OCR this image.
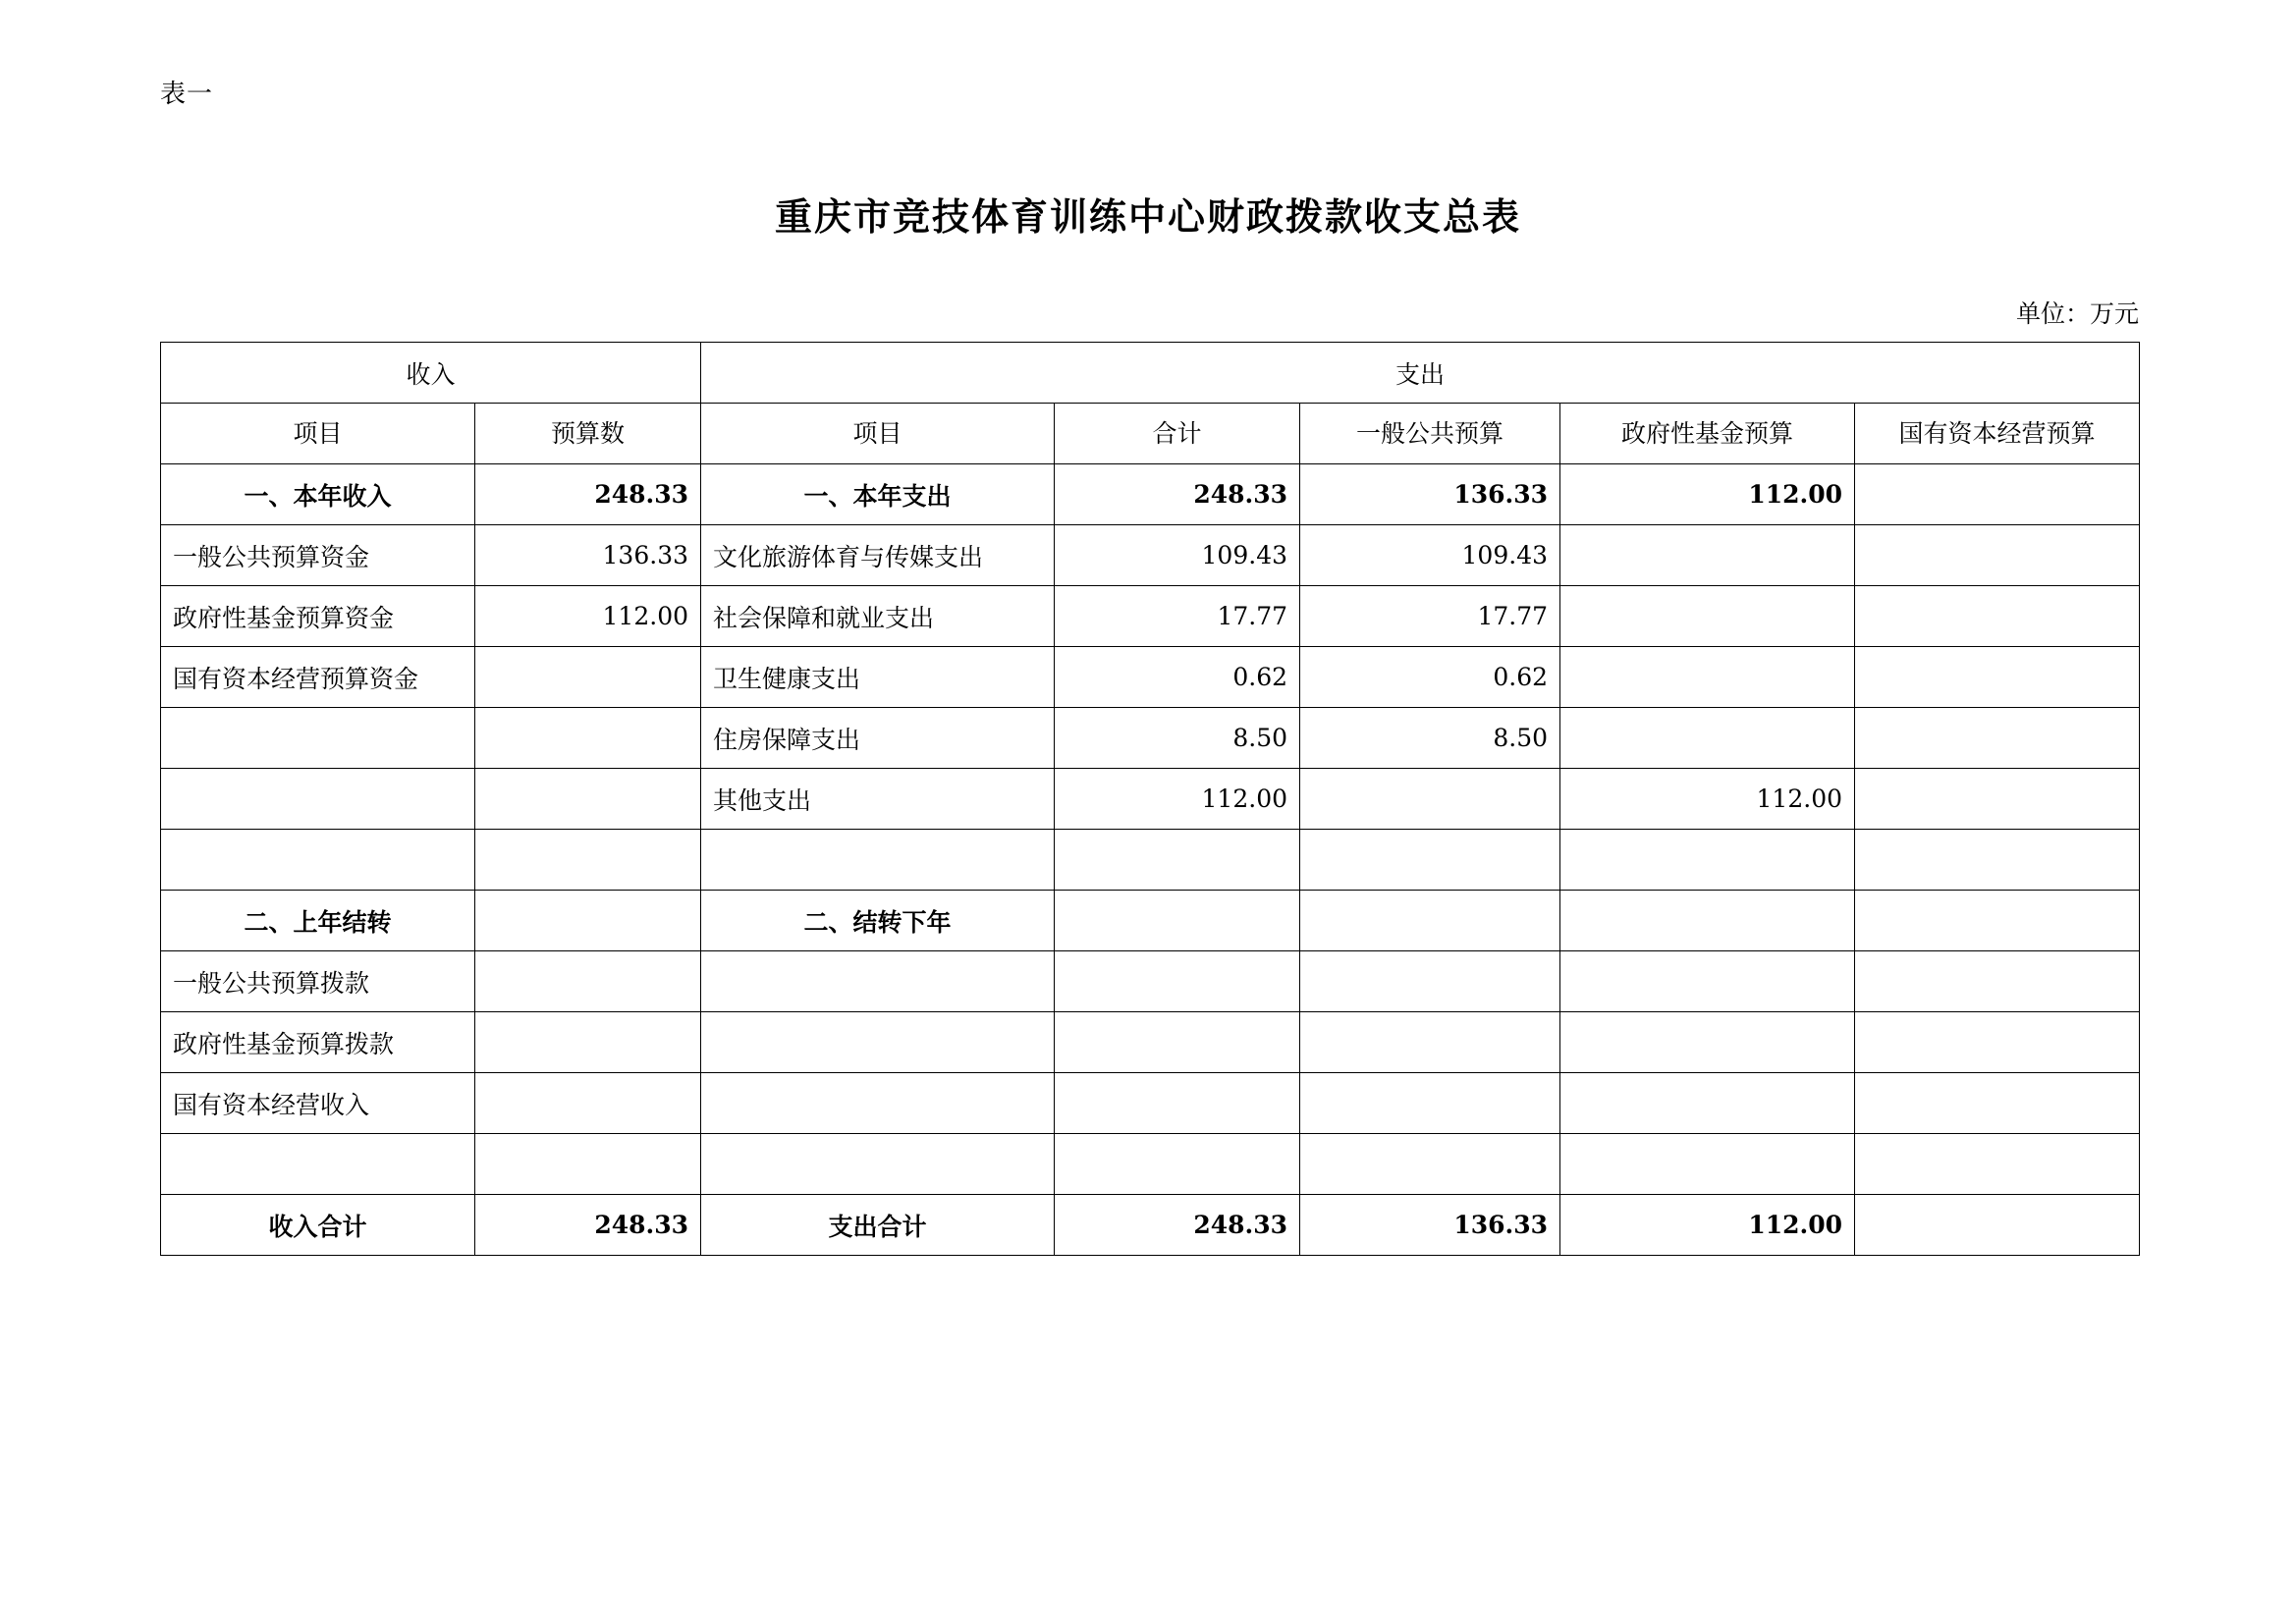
表一
重庆市竞技体育训练中心财政拨款收支总表
单位：万元
收入		支出				
项目	预算数	项目	合计	一般公共预算	政府性基金预算	国有资本经营预算
一、本年收入	248.33	一、本年支出	248.33	136.33	112.00	
一般公共预算资金	136.33	文化旅游体育与传媒支出	109.43	109.43		
政府性基金预算资金	112.00	社会保障和就业支出	17.77	17.77		
国有资本经营预算资金		卫生健康支出	0.62	0.62		
		住房保障支出	8.50	8.50		
		其他支出	112.00		112.00	

二、上年结转		二、结转下年				
一般公共预算拨款						
政府性基金预算拨款						
国有资本经营收入						

收入合计	248.33	支出合计	248.33	136.33	112.00	
